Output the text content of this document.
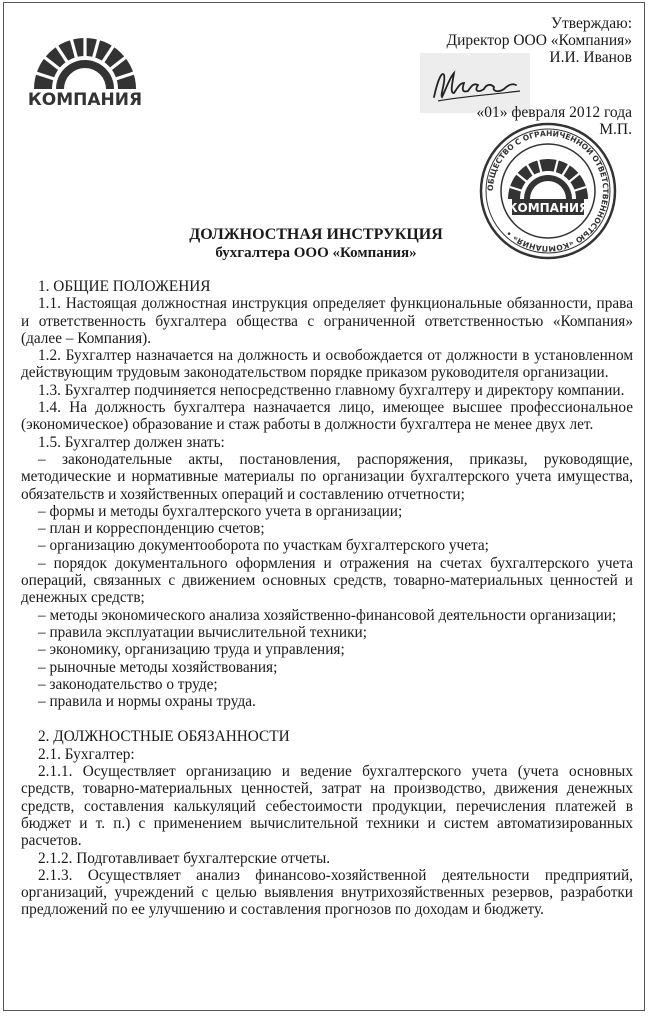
КОМПАНИЯ
Утверждаю:
Директор ООО «Компания»
И.И. Иванов
«01» февраля 2012 года
М.П.
ОБЩЕСТВО С ОГРАНИЧЕННОЙ ОТВЕТСТВЕННОСТЬЮ «КОМПАНИЯ» •
КОМПАНИЯ
ДОЛЖНОСТНАЯ ИНСТРУКЦИЯ
бухгалтера ООО «Компания»

1. ОБЩИЕ ПОЛОЖЕНИЯ

1.1. Настоящая должностная инструкция определяет функциональные обязанности, права и ответственность бухгалтера общества с ограниченной ответственностью «Компания» (далее – Компания).

1.2. Бухгалтер назначается на должность и освобождается от должности в установленном действующим трудовым законодательством порядке приказом руководителя организации.

1.3. Бухгалтер подчиняется непосредственно главному бухгалтеру и директору компании.

1.4. На должность бухгалтера назначается лицо, имеющее высшее профессиональное (экономическое) образование и стаж работы в должности бухгалтера не менее двух лет.

1.5. Бухгалтер должен знать:

– законодательные акты, постановления, распоряжения, приказы, руководящие, методические и нормативные материалы по организации бухгалтерского учета имущества, обязательств и хозяйственных операций и составлению отчетности;

– формы и методы бухгалтерского учета в организации;

– план и корреспонденцию счетов;

– организацию документооборота по участкам бухгалтерского учета;

– порядок документального оформления и отражения на счетах бухгалтерского учета операций, связанных с движением основных средств, товарно-материальных ценностей и денежных средств;

– методы экономического анализа хозяйственно-финансовой деятельности организации;

– правила эксплуатации вычислительной техники;

– экономику, организацию труда и управления;

– рыночные методы хозяйствования;

– законодательство о труде;

– правила и нормы охраны труда.

2. ДОЛЖНОСТНЫЕ ОБЯЗАННОСТИ

2.1. Бухгалтер:

2.1.1. Осуществляет организацию и ведение бухгалтерского учета (учета основных средств, товарно-материальных ценностей, затрат на производство, движения денежных средств, составления калькуляций себестоимости продукции, перечисления платежей в бюджет и т. п.) с применением вычислительной техники и систем автоматизированных расчетов.

2.1.2. Подготавливает бухгалтерские отчеты.

2.1.3. Осуществляет анализ финансово-хозяйственной деятельности предприятий, организаций, учреждений с целью выявления внутрихозяйственных резервов, разработки предложений по ее улучшению и составления прогнозов по доходам и бюджету.
